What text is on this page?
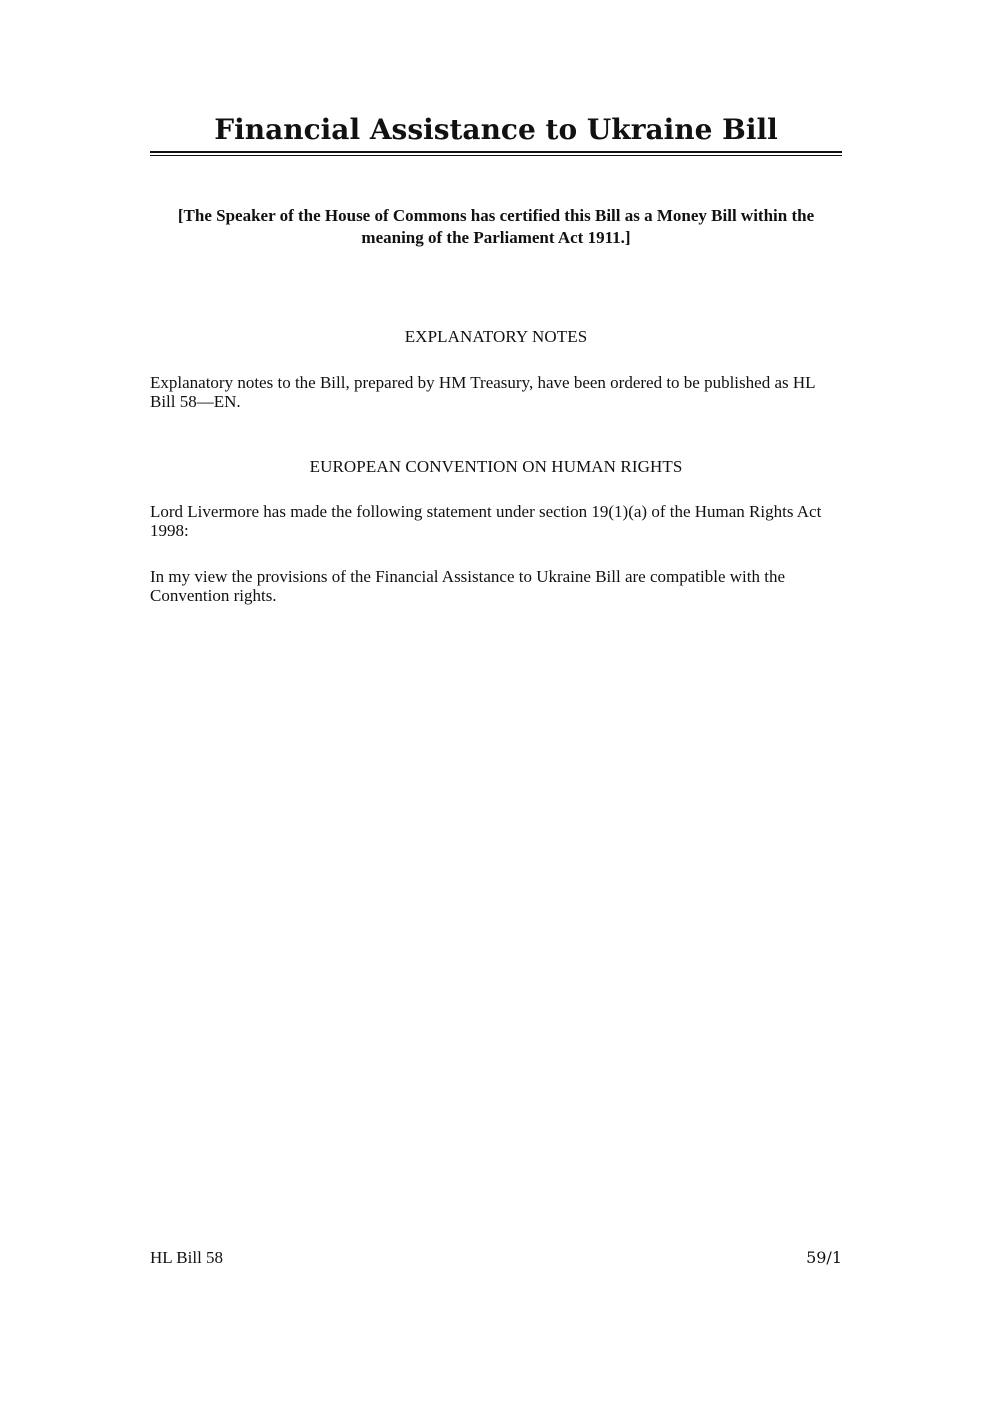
Financial Assistance to Ukraine Bill

[The Speaker of the House of Commons has certified this Bill as a Money Bill within the meaning of the Parliament Act 1911.]

EXPLANATORY NOTES

Explanatory notes to the Bill, prepared by HM Treasury, have been ordered to be published as HL Bill 58—EN.

EUROPEAN CONVENTION ON HUMAN RIGHTS

Lord Livermore has made the following statement under section 19(1)(a) of the Human Rights Act 1998:

In my view the provisions of the Financial Assistance to Ukraine Bill are compatible with the Convention rights.

HL Bill 58	59/1
